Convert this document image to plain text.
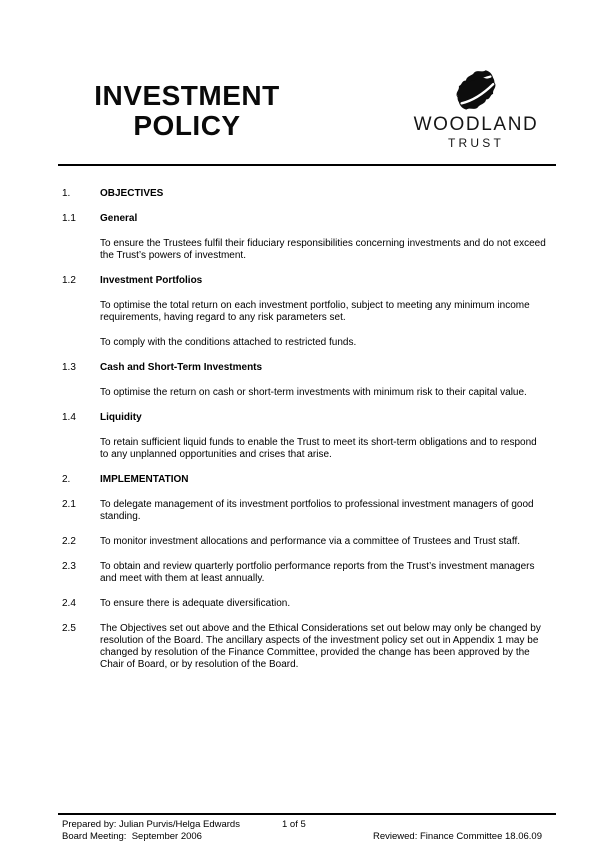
INVESTMENT
POLICY	WOODLAND
TRUST
1.	OBJECTIVES
1.1	General

To ensure the Trustees fulfil their fiduciary responsibilities concerning investments and do not exceed the Trust’s powers of investment.

1.2	Investment Portfolios

To optimise the total return on each investment portfolio, subject to meeting any minimum income requirements, having regard to any risk parameters set.

To comply with the conditions attached to restricted funds.

1.3	Cash and Short-Term Investments

To optimise the return on cash or short-term investments with minimum risk to their capital value.

1.4	Liquidity

To retain sufficient liquid funds to enable the Trust to meet its short-term obligations and to respond to any unplanned opportunities and crises that arise.

2.	IMPLEMENTATION
2.1	To delegate management of its investment portfolios to professional investment managers of good standing.
2.2	To monitor investment allocations and performance via a committee of Trustees and Trust staff.
2.3	To obtain and review quarterly portfolio performance reports from the Trust’s investment managers and meet with them at least annually.
2.4	To ensure there is adequate diversification.
2.5	The Objectives set out above and the Ethical Considerations set out below may only be changed by resolution of the Board. The ancillary aspects of the investment policy set out in Appendix 1 may be changed by resolution of the Finance Committee, provided the change has been approved by the Chair of Board, or by resolution of the Board.
Prepared by: Julian Purvis/Helga Edwards	1 of 5
Board Meeting:  September 2006	Reviewed: Finance Committee 18.06.09
